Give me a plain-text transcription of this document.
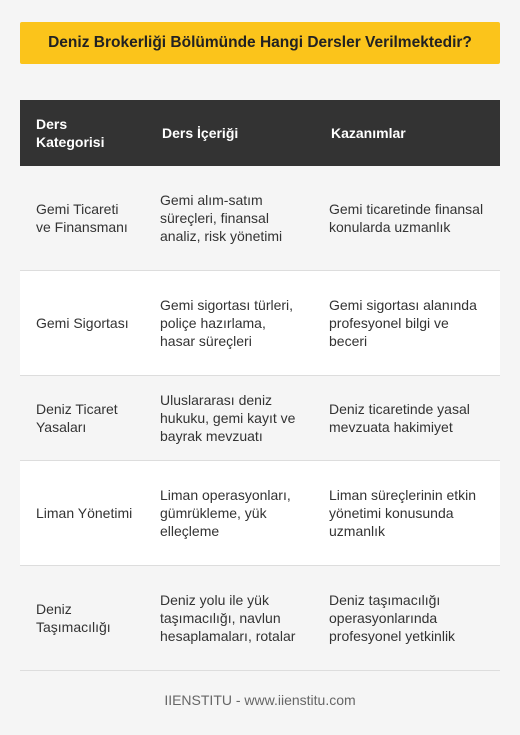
Deniz Brokerliği Bölümünde Hangi Dersler Verilmektedir?
Ders Kategorisi	Ders İçeriği	Kazanımlar
Gemi Ticareti ve Finansmanı	Gemi alım-satım süreçleri, finansal analiz, risk yönetimi	Gemi ticaretinde finansal konularda uzmanlık
Gemi Sigortası	Gemi sigortası türleri, poliçe hazırlama, hasar süreçleri	Gemi sigortası alanında profesyonel bilgi ve beceri
Deniz Ticaret Yasaları	Uluslararası deniz hukuku, gemi kayıt ve bayrak mevzuatı	Deniz ticaretinde yasal mevzuata hakimiyet
Liman Yönetimi	Liman operasyonları, gümrükleme, yük elleçleme	Liman süreçlerinin etkin yönetimi konusunda uzmanlık
Deniz Taşımacılığı	Deniz yolu ile yük taşımacılığı, navlun hesaplamaları, rotalar	Deniz taşımacılığı operasyonlarında profesyonel yetkinlik
IIENSTITU - www.iienstitu.com
